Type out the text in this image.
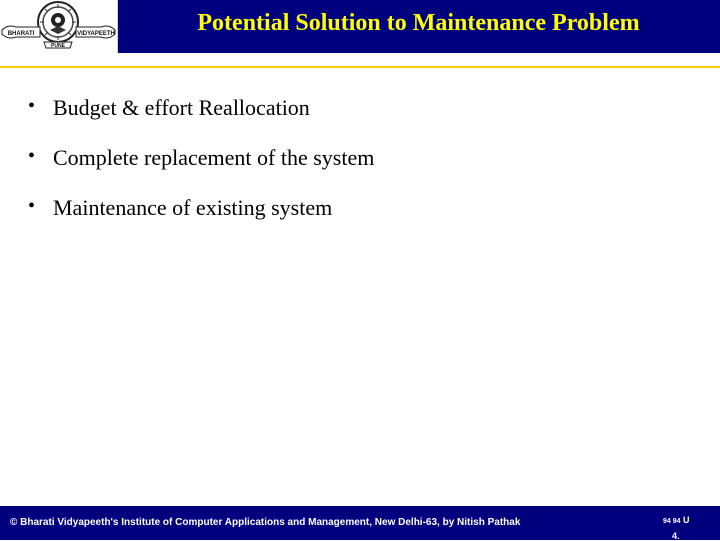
BHARATI	VIDYAPEETH
PUNE
Potential Solution to Maintenance Problem
• Budget & effort Reallocation
• Complete replacement of the system
• Maintenance of existing system
© Bharati Vidyapeeth's Institute of Computer Applications and Management, New Delhi-63, by Nitish Pathak	94 94 U
4.
